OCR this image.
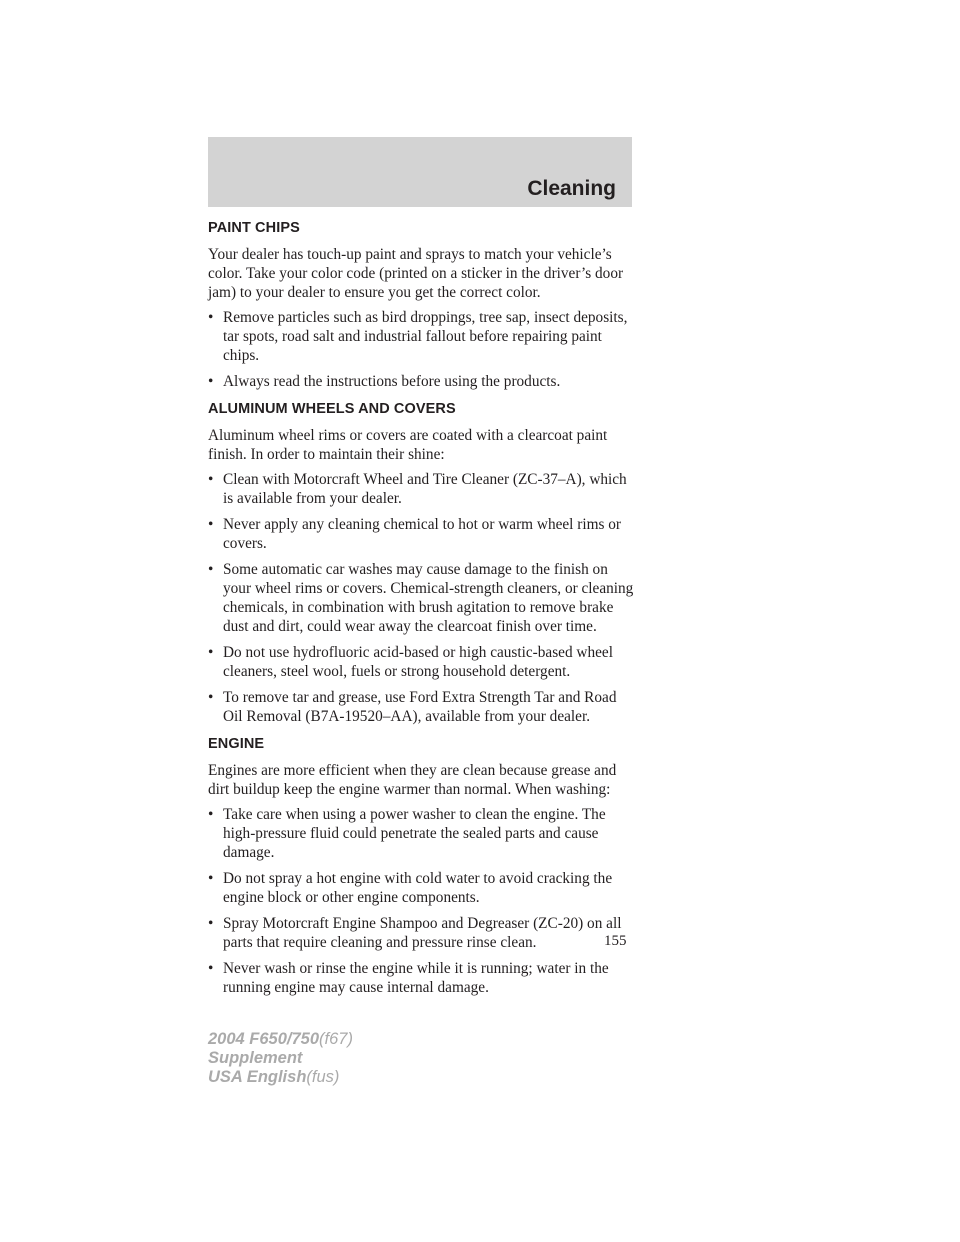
Cleaning
PAINT CHIPS

Your dealer has touch-up paint and sprays to match your vehicle’s color. Take your color code (printed on a sticker in the driver’s door jam) to your dealer to ensure you get the correct color.

• Remove particles such as bird droppings, tree sap, insect deposits, tar spots, road salt and industrial fallout before repairing paint chips.
• Always read the instructions before using the products.
ALUMINUM WHEELS AND COVERS

Aluminum wheel rims or covers are coated with a clearcoat paint finish. In order to maintain their shine:

• Clean with Motorcraft Wheel and Tire Cleaner (ZC-37–A), which is available from your dealer.
• Never apply any cleaning chemical to hot or warm wheel rims or covers.
• Some automatic car washes may cause damage to the finish on your wheel rims or covers. Chemical-strength cleaners, or cleaning chemicals, in combination with brush agitation to remove brake dust and dirt, could wear away the clearcoat finish over time.
• Do not use hydrofluoric acid-based or high caustic-based wheel cleaners, steel wool, fuels or strong household detergent.
• To remove tar and grease, use Ford Extra Strength Tar and Road Oil Removal (B7A-19520–AA), available from your dealer.
ENGINE

Engines are more efficient when they are clean because grease and dirt buildup keep the engine warmer than normal. When washing:

• Take care when using a power washer to clean the engine. The high-pressure fluid could penetrate the sealed parts and cause damage.
• Do not spray a hot engine with cold water to avoid cracking the engine block or other engine components.
• Spray Motorcraft Engine Shampoo and Degreaser (ZC-20) on all parts that require cleaning and pressure rinse clean.
• Never wash or rinse the engine while it is running; water in the running engine may cause internal damage.
155
2004 F650/750(f67)
Supplement
USA English(fus)
